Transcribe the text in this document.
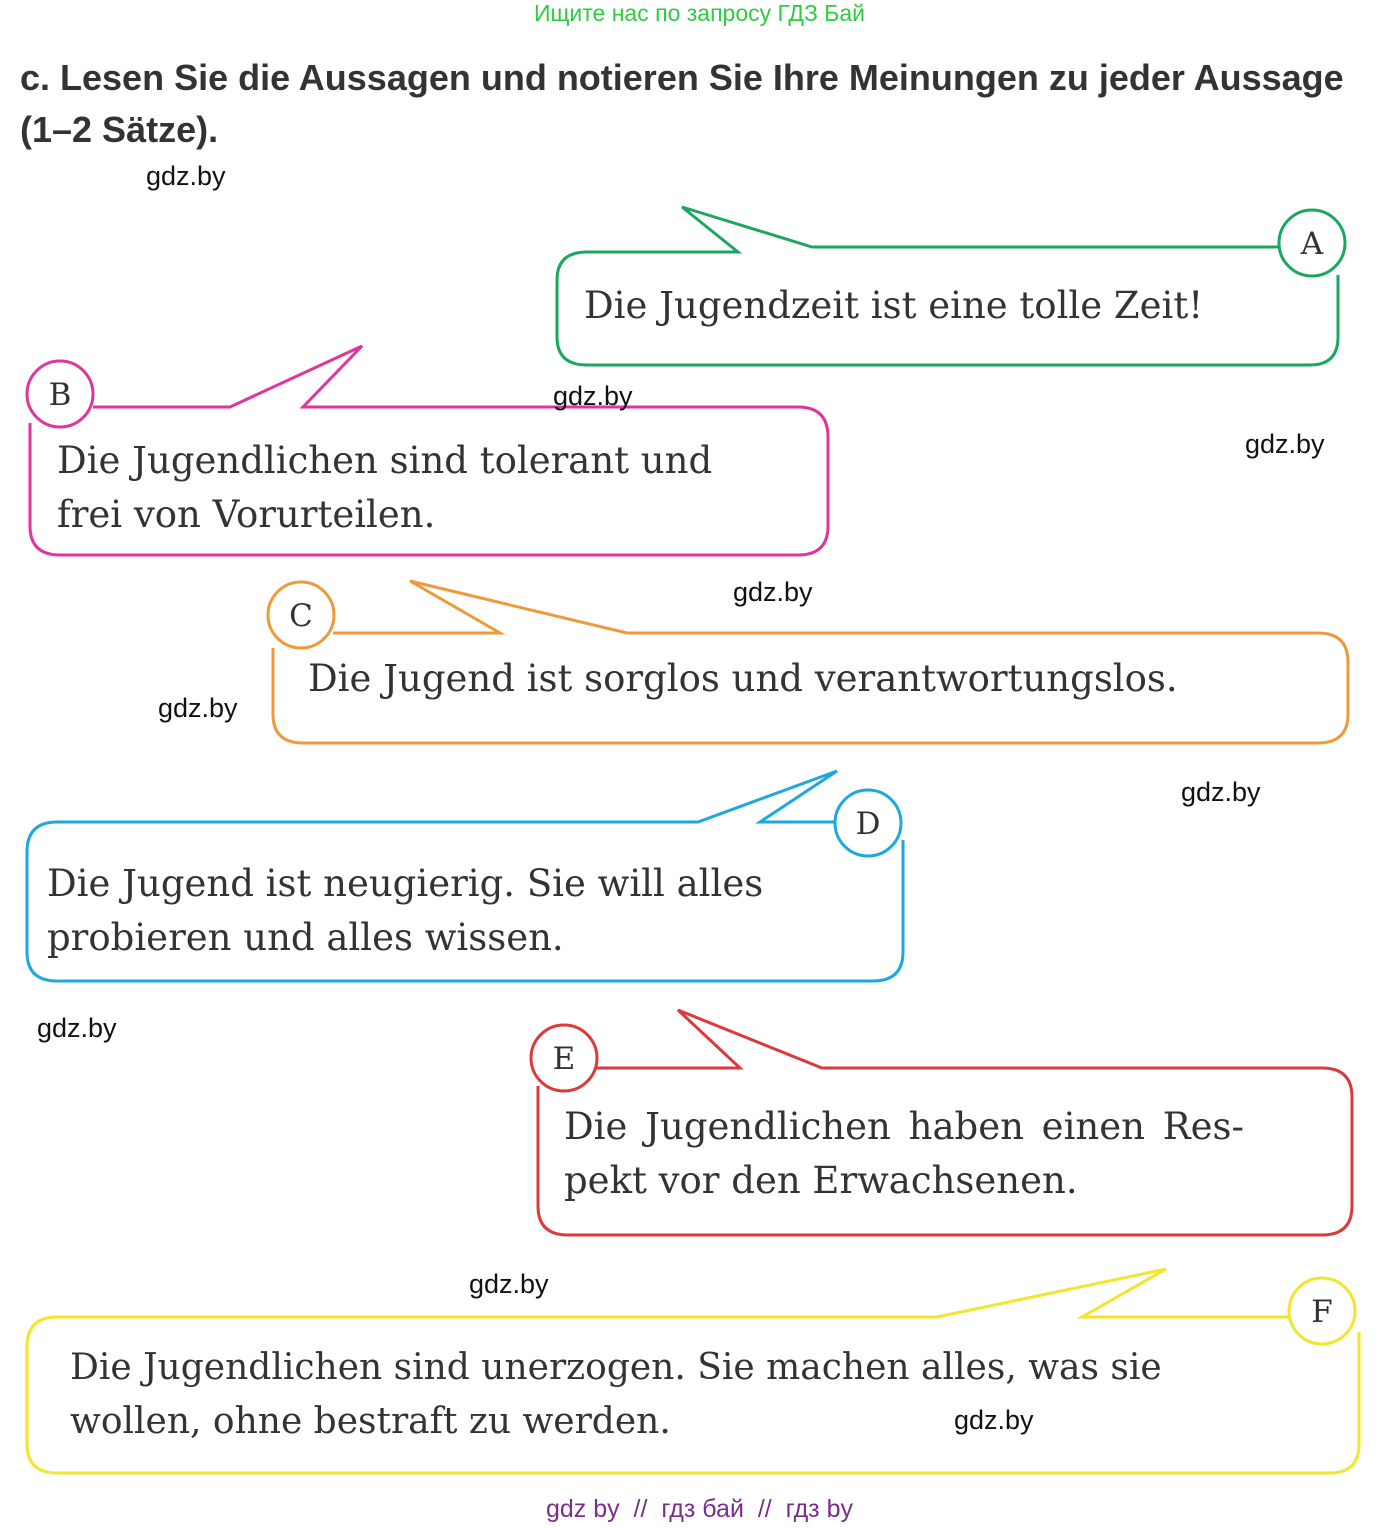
Ищите нас по запросу ГДЗ Бай
c. Lesen Sie die Aussagen und notieren Sie Ihre Meinungen zu jeder Aussage (1–2 Sätze).
A
B
C
D
E
F
Die Jugendzeit ist eine tolle Zeit!
Die Jugendlichen sind tolerant und
frei von Vorurteilen.
Die Jugend ist sorglos und verantwortungslos.
Die Jugend ist neugierig. Sie will alles
probieren und alles wissen.
Die Jugendlichen haben einen Res-
pekt vor den Erwachsenen.
Die Jugendlichen sind unerzogen. Sie machen alles, was sie
wollen, ohne bestraft zu werden.
gdz.by
gdz.by
gdz.by
gdz.by
gdz.by
gdz.by
gdz.by
gdz.by
gdz.by
gdz by  //  гдз бай  //  гдз by
